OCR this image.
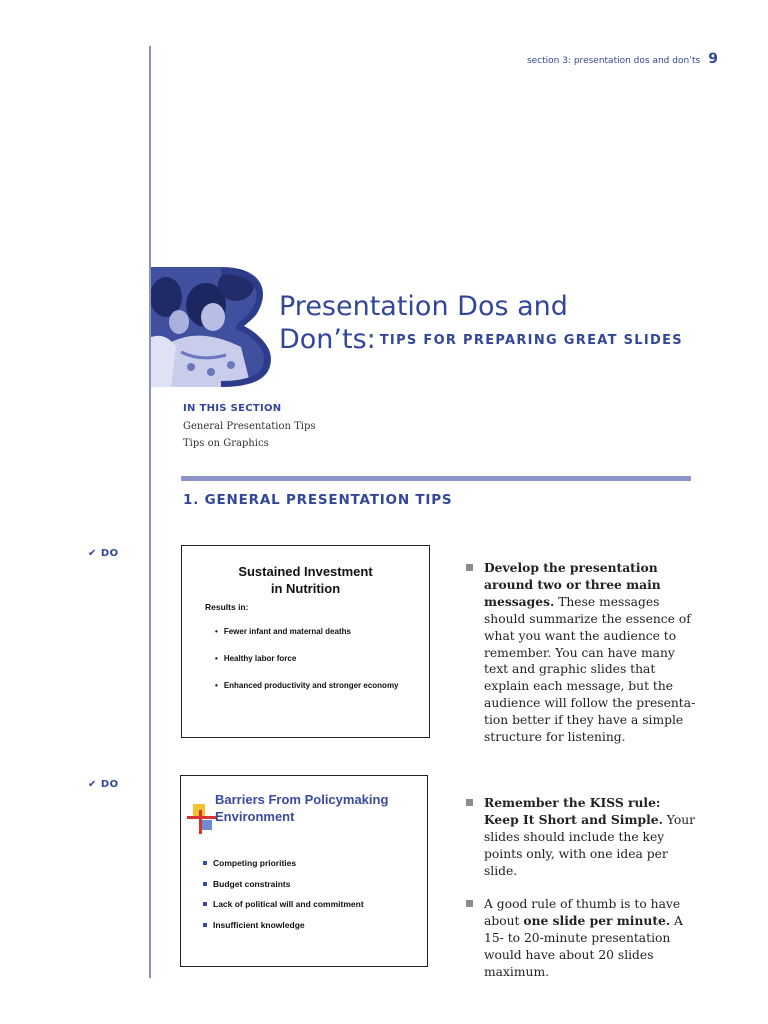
section 3: presentation dos and don’ts 9
Presentation Dos and
Don’ts: $^{TIPS FOR PREPARING GREAT SLIDES}$
IN THIS SECTION
General Presentation Tips
Tips on Graphics
1. GENERAL PRESENTATION TIPS
✔ DO
✔ DO
Sustained Investment
in Nutrition
Results in:
• Fewer infant and maternal deaths
• Healthy labor force
• Enhanced productivity and stronger economy
Barriers From Policymaking
Environment
Competing priorities
Budget constraints
Lack of political will and commitment
Insufficient knowledge
Develop the presentation around two or three main messages. These messages should summarize the essence of what you want the audience to remember. You can have many text and graphic slides that explain each message, but the audience will follow the presenta-tion better if they have a simple structure for listening.
Remember the KISS rule: Keep It Short and Simple. Your slides should include the key points only, with one idea per slide.
A good rule of thumb is to have about one slide per minute. A 15- to 20-minute presentation would have about 20 slides maximum.
